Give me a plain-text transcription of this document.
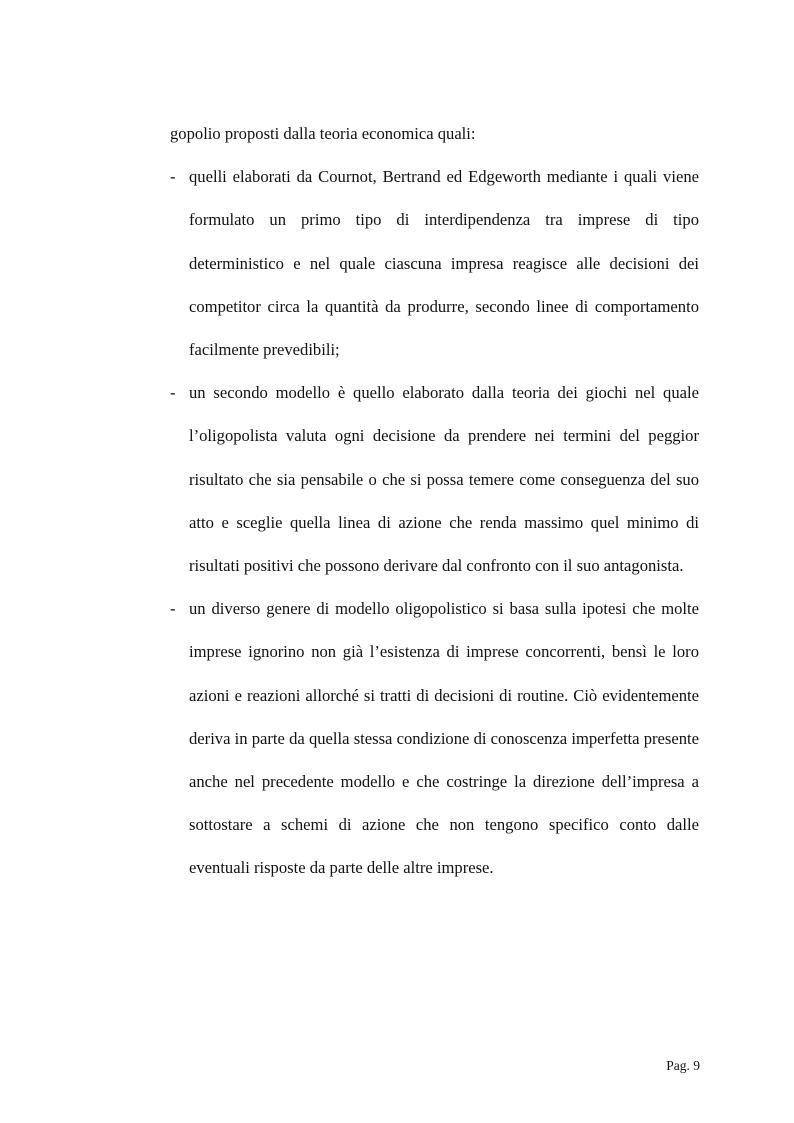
gopolio proposti dalla teoria economica quali:

- quelli elaborati da Cournot, Bertrand ed Edgeworth mediante i quali viene formulato un primo tipo di interdipendenza tra imprese di tipo deterministico e nel quale ciascuna impresa reagisce alle decisioni dei competitor circa la quantità da produrre, secondo linee di comportamento facilmente prevedibili;
- un secondo modello è quello elaborato dalla teoria dei giochi nel quale l’oligopolista valuta ogni decisione da prendere nei termini del peggior risultato che sia pensabile o che si possa temere come conseguenza del suo atto e sceglie quella linea di azione che renda massimo quel minimo di risultati positivi che possono derivare dal confronto con il suo antagonista.
- un diverso genere di modello oligopolistico si basa sulla ipotesi che molte imprese ignorino non già l’esistenza di imprese concorrenti, bensì le loro azioni e reazioni allorché si tratti di decisioni di routine. Ciò evidentemente deriva in parte da quella stessa condizione di conoscenza imperfetta presente anche nel precedente modello e che costringe la direzione dell’impresa a sottostare a schemi di azione che non tengono specifico conto dalle eventuali risposte da parte delle altre imprese.
Pag. 9
